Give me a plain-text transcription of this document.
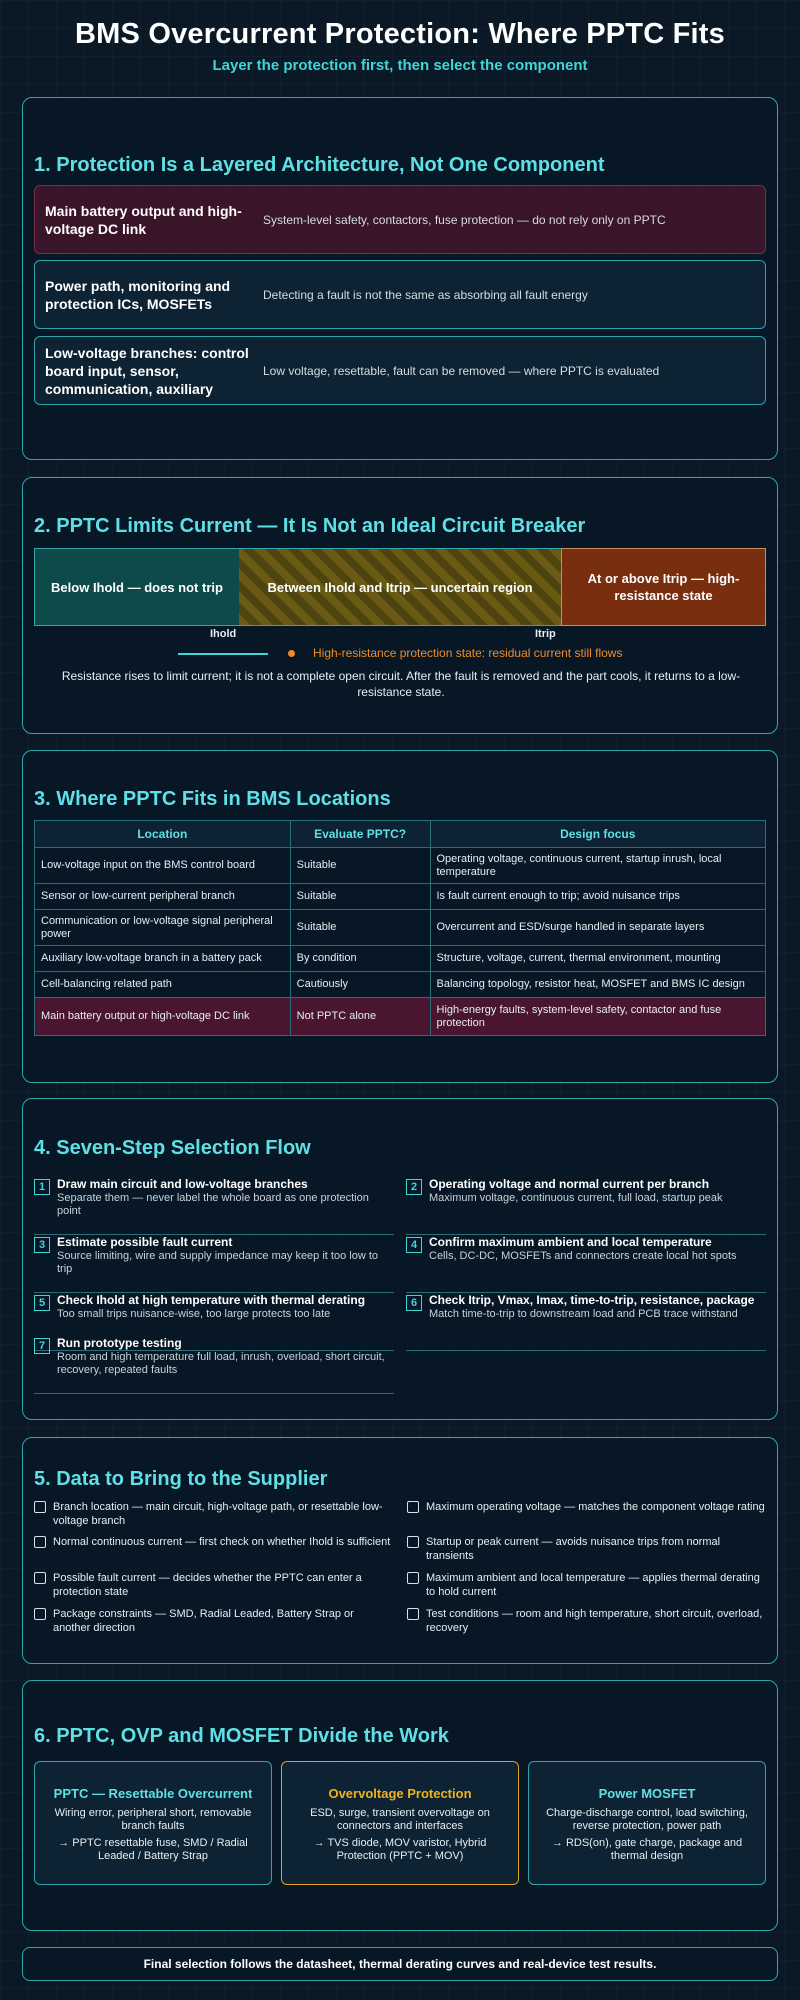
BMS Overcurrent Protection: Where PPTC Fits
Layer the protection first, then select the component
1. Protection Is a Layered Architecture, Not One Component
Main battery output and high-voltage DC link
System-level safety, contactors, fuse protection — do not rely only on PPTC
Power path, monitoring and protection ICs, MOSFETs
Detecting a fault is not the same as absorbing all fault energy
Low-voltage branches: control board input, sensor, communication, auxiliary
Low voltage, resettable, fault can be removed — where PPTC is evaluated
2. PPTC Limits Current — It Is Not an Ideal Circuit Breaker
Below Ihold — does not trip	Between Ihold and Itrip — uncertain region
At or above Itrip — high-resistance state
Ihold	Itrip
High-resistance protection state: residual current still flows
Resistance rises to limit current; it is not a complete open circuit. After the fault is removed and the part cools, it returns to a low-resistance state.
3. Where PPTC Fits in BMS Locations
Location	Evaluate PPTC?	Design focus
Low-voltage input on the BMS control board	Suitable	Operating voltage, continuous current, startup inrush, local temperature
Sensor or low-current peripheral branch	Suitable	Is fault current enough to trip; avoid nuisance trips
Communication or low-voltage signal peripheral power	Suitable	Overcurrent and ESD/surge handled in separate layers
Auxiliary low-voltage branch in a battery pack	By condition	Structure, voltage, current, thermal environment, mounting
Cell-balancing related path	Cautiously	Balancing topology, resistor heat, MOSFET and BMS IC design
Main battery output or high-voltage DC link	Not PPTC alone	High-energy faults, system-level safety, contactor and fuse protection
4. Seven-Step Selection Flow
1 Draw main circuit and low-voltage branches
Separate them — never label the whole board as one protection point
2 Operating voltage and normal current per branch
Maximum voltage, continuous current, full load, startup peak
3 Estimate possible fault current
Source limiting, wire and supply impedance may keep it too low to trip
4 Confirm maximum ambient and local temperature
Cells, DC-DC, MOSFETs and connectors create local hot spots
5 Check Ihold at high temperature with thermal derating
Too small trips nuisance-wise, too large protects too late
6 Check Itrip, Vmax, Imax, time-to-trip, resistance, package
Match time-to-trip to downstream load and PCB trace withstand
7 Run prototype testing
Room and high temperature full load, inrush, overload, short circuit, recovery, repeated faults
5. Data to Bring to the Supplier
Branch location — main circuit, high-voltage path, or resettable low-voltage branch
Maximum operating voltage — matches the component voltage rating
Normal continuous current — first check on whether Ihold is sufficient	Startup or peak current — avoids nuisance trips from normal transients
Possible fault current — decides whether the PPTC can enter a protection state
Maximum ambient and local temperature — applies thermal derating to hold current
Package constraints — SMD, Radial Leaded, Battery Strap or another direction
Test conditions — room and high temperature, short circuit, overload, recovery
6. PPTC, OVP and MOSFET Divide the Work
PPTC — Resettable Overcurrent
Wiring error, peripheral short, removable branch faults
→ PPTC resettable fuse, SMD / Radial Leaded / Battery Strap
Overvoltage Protection
ESD, surge, transient overvoltage on connectors and interfaces
→ TVS diode, MOV varistor, Hybrid Protection (PPTC + MOV)
Power MOSFET
Charge-discharge control, load switching, reverse protection, power path
→ RDS(on), gate charge, package and thermal design
Final selection follows the datasheet, thermal derating curves and real-device test results.
